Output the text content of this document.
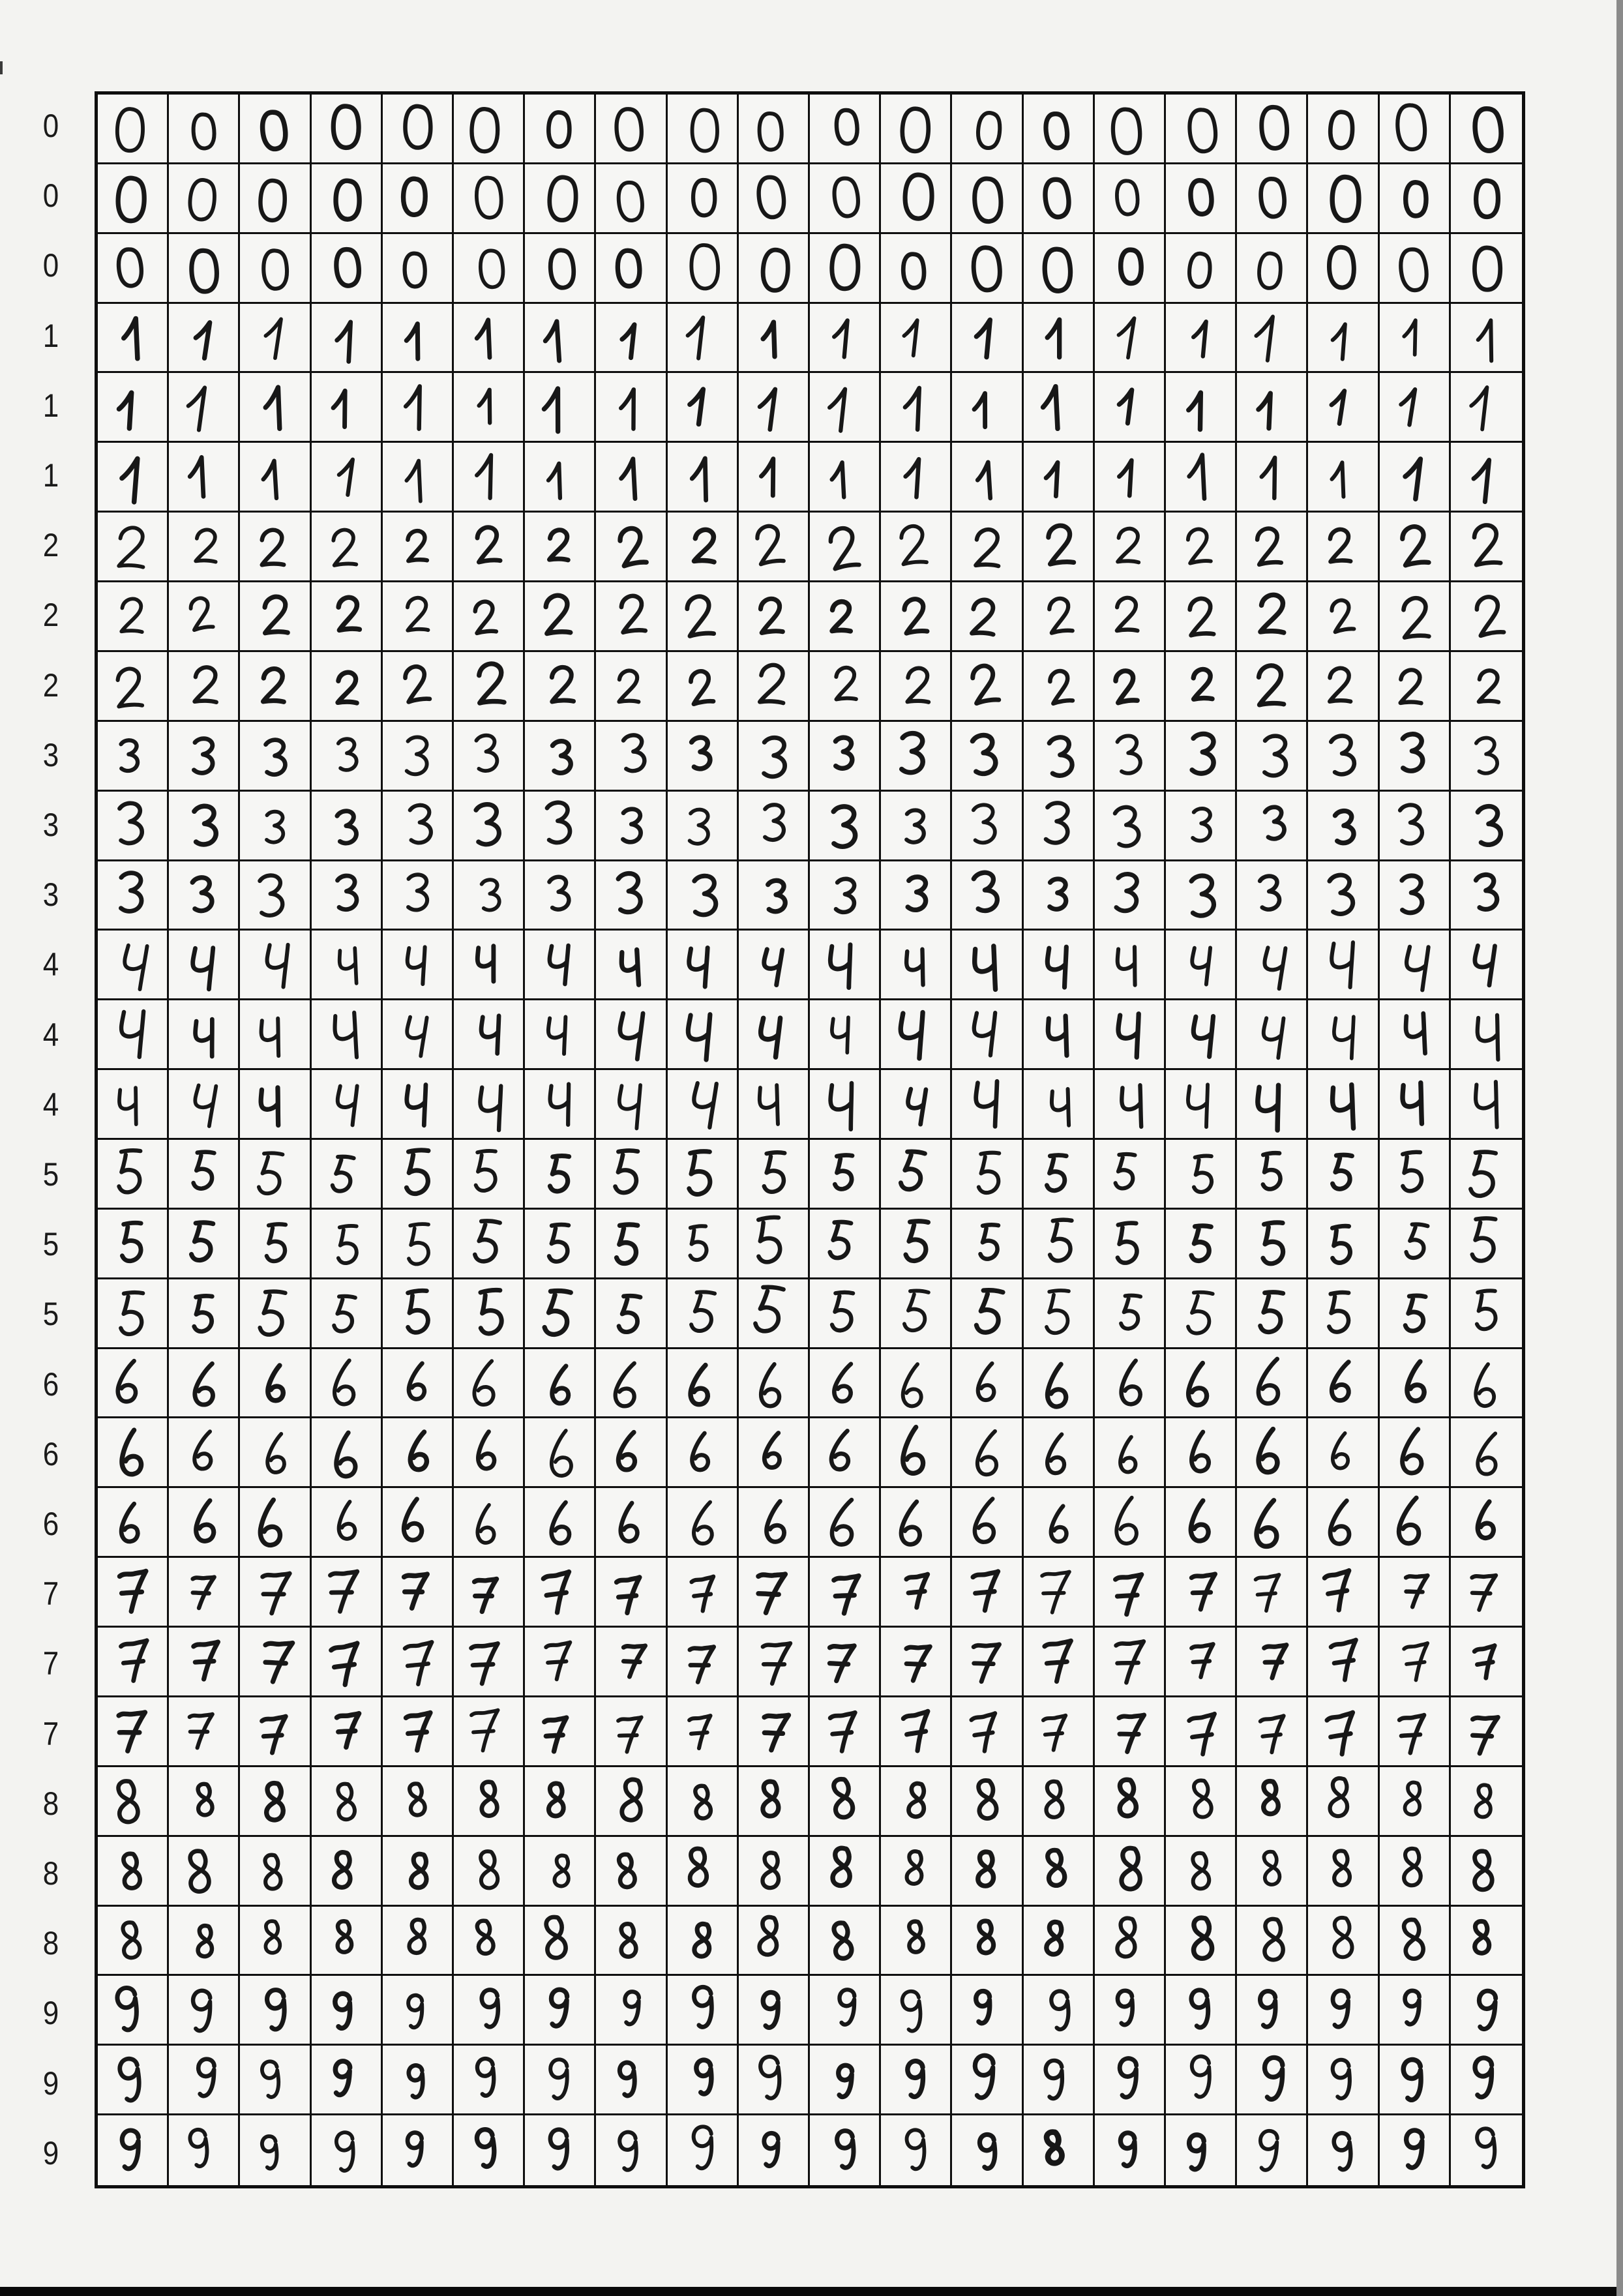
0
0
0
1
1
1
2
2
2
3
3
3
4
4
4
5
5
5
6
6
6
7
7
7
8
8
8
9
9
9
